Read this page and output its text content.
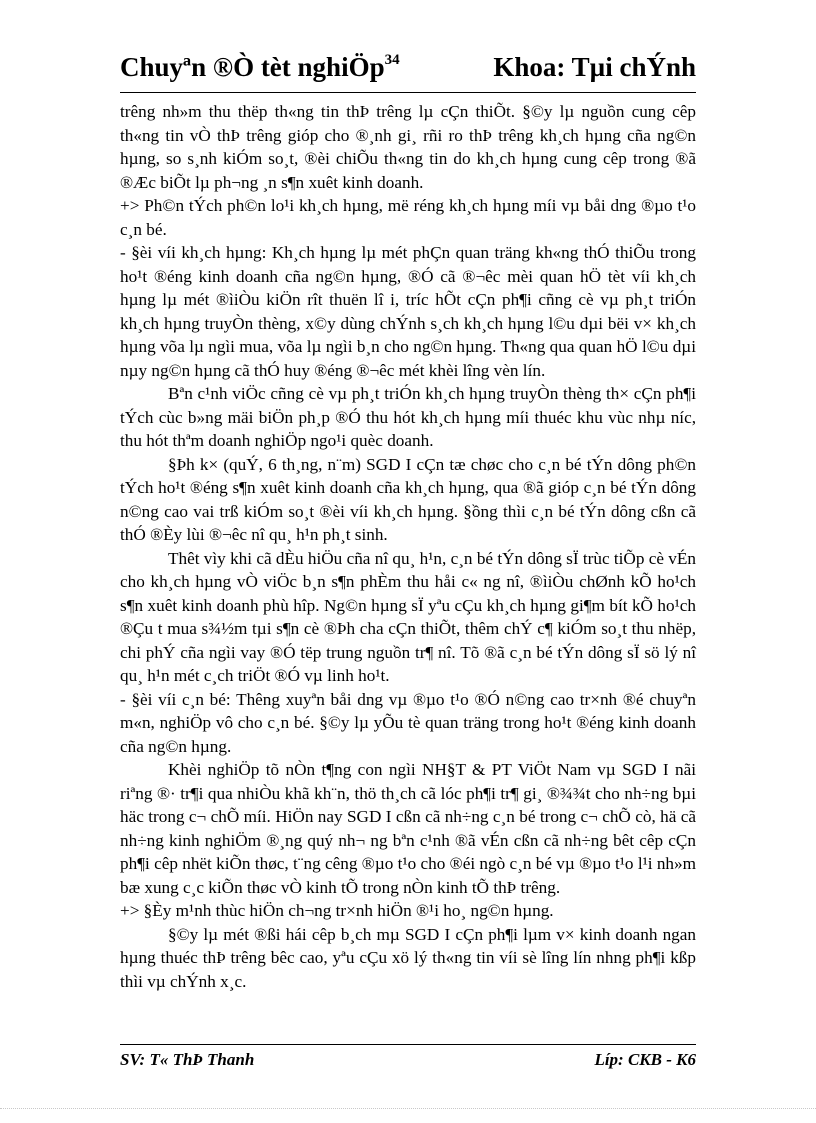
Chuyªn ®Ò tèt nghiÖp$^{34}$	Khoa: Tµi chÝnh

trêng nh»m thu thëp th«ng tin thÞ trêng lµ cÇn thiÕt. §©y lµ nguồn cung cêp th«ng tin vÒ thÞ trêng gióp cho ®¸nh gi¸ rñi ro thÞ trêng kh¸ch hµng cña ng©n hµng, so s¸nh kiÓm so¸t, ®èi chiÕu th«ng tin do kh¸ch hµng cung cêp trong ®ã ®Æc biÕt lµ ph¬ng ¸n s¶n xuêt kinh doanh.

+> Ph©n tÝch ph©n lo¹i kh¸ch hµng, më réng kh¸ch hµng míi vµ båi dng ®µo t¹o c¸n bé.

- §èi víi kh¸ch hµng: Kh¸ch hµng lµ mét phÇn quan träng kh«ng thÓ thiÕu trong ho¹t ®éng kinh doanh cña ng©n hµng, ®Ó cã ®¬êc mèi quan hÖ tèt víi kh¸ch hµng lµ mét ®ìiÒu kiÖn rît thuën lî i, tríc hÕt cÇn ph¶i cñng cè vµ ph¸t triÓn kh¸ch hµng truyÒn thèng, x©y dùng chÝnh s¸ch kh¸ch hµng l©u dµi bëi v× kh¸ch hµng võa lµ ngìi mua, võa lµ ngìi b¸n cho ng©n hµng. Th«ng qua quan hÖ l©u dµi nµy ng©n hµng cã thÓ huy ®éng ®¬êc mét khèi lîng vèn lín.

Bªn c¹nh viÖc cñng cè vµ ph¸t triÓn kh¸ch hµng truyÒn thèng th× cÇn ph¶i tÝch cùc b»ng mäi biÖn ph¸p ®Ó thu hót kh¸ch hµng míi thuéc khu vùc nhµ níc, thu hót thªm doanh nghiÖp ngo¹i quèc doanh.

§Þh k× (quÝ, 6 th¸ng, n¨m) SGD I cÇn tæ chøc cho c¸n bé tÝn dông ph©n tÝch ho¹t ®éng s¶n xuêt kinh doanh cña kh¸ch hµng, qua ®ã gióp c¸n bé tÝn dông n©ng cao vai trß kiÓm so¸t ®èi víi kh¸ch hµng. §ồng thìi c¸n bé tÝn dông cßn cã thÓ ®Èy lùi ®¬êc nî qu¸ h¹n ph¸t sinh.

Thêt vìy khi cã dÈu hiÖu cña nî qu¸ h¹n, c¸n bé tÝn dông sÏ trùc tiÕp cè vÉn cho kh¸ch hµng vÒ viÖc b¸n s¶n phÈm thu håi c« ng nî, ®ìiÒu chØnh kÕ ho¹ch s¶n xuêt kinh doanh phù hîp. Ng©n hµng sÏ yªu cÇu kh¸ch hµng gi¶m bít kÕ ho¹ch ®Çu t mua s¾½m tµi s¶n cè ®Þh cha cÇn thiÕt, thêm chÝ c¶ kiÓm so¸t thu nhëp, chi phÝ cña ngìi vay ®Ó tëp trung nguồn tr¶ nî. Tõ ®ã c¸n bé tÝn dông sÏ sö lý nî qu¸ h¹n mét c¸ch triÖt ®Ó vµ linh ho¹t.

- §èi víi c¸n bé: Thêng xuyªn båi dng vµ ®µo t¹o ®Ó n©ng cao tr×nh ®é chuyªn m«n, nghiÖp vô cho c¸n bé. §©y lµ yÕu tè quan träng trong ho¹t ®éng kinh doanh cña ng©n hµng.

Khèi nghiÖp tõ nÒn t¶ng con ngìi NH§T & PT ViÖt Nam vµ SGD I nãi riªng ®· tr¶i qua nhiÒu khã kh¨n, thö th¸ch cã lóc ph¶i tr¶ gi¸ ®¾¾t cho nh÷ng bµi häc trong c¬ chÕ míi. HiÖn nay SGD I cßn cã nh÷ng c¸n bé trong c¬ chÕ cò, hä cã nh÷ng kinh nghiÖm ®¸ng quý nh¬ ng bªn c¹nh ®ã vÉn cßn cã nh÷ng bêt cêp cÇn ph¶i cêp nhët kiÕn thøc, t¨ng cêng ®µo t¹o cho ®éi ngò c¸n bé vµ ®µo t¹o l¹i nh»m bæ xung c¸c kiÕn thøc vÒ kinh tÕ trong nÒn kinh tÕ thÞ trêng.

+> §Èy m¹nh thùc hiÖn ch¬ng tr×nh hiÖn ®¹i ho¸ ng©n hµng.

§©y lµ mét ®ßi hái cêp b¸ch mµ SGD I cÇn ph¶i lµm v× kinh doanh ngan hµng thuéc thÞ trêng bêc cao, yªu cÇu xö lý th«ng tin víi sè lîng lín nhng ph¶i kßp thìi vµ chÝnh x¸c.

SV: T« ThÞ Thanh	Líp: CKB - K6
